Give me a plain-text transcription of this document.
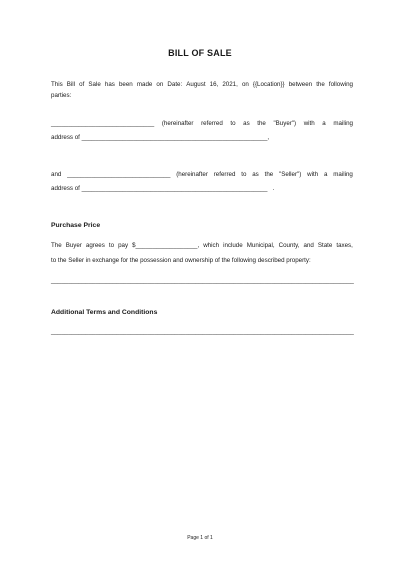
BILL OF SALE
This Bill of Sale has been made on Date: August 16, 2021, on {{Location}} between the following
parties:
______________________________ (hereinafter referred to as the "Buyer") with a mailing
address of ______________________________________________________,
and ______________________________ (hereinafter referred to as the "Seller") with a mailing
address of ______________________________________________________   .
Purchase Price
The Buyer agrees to pay $__________________, which include Municipal, County, and State taxes,
to the Seller in exchange for the possession and ownership of the following described property:
________________________________________________________________________________________
Additional Terms and Conditions
________________________________________________________________________________________
Page 1 of 1
